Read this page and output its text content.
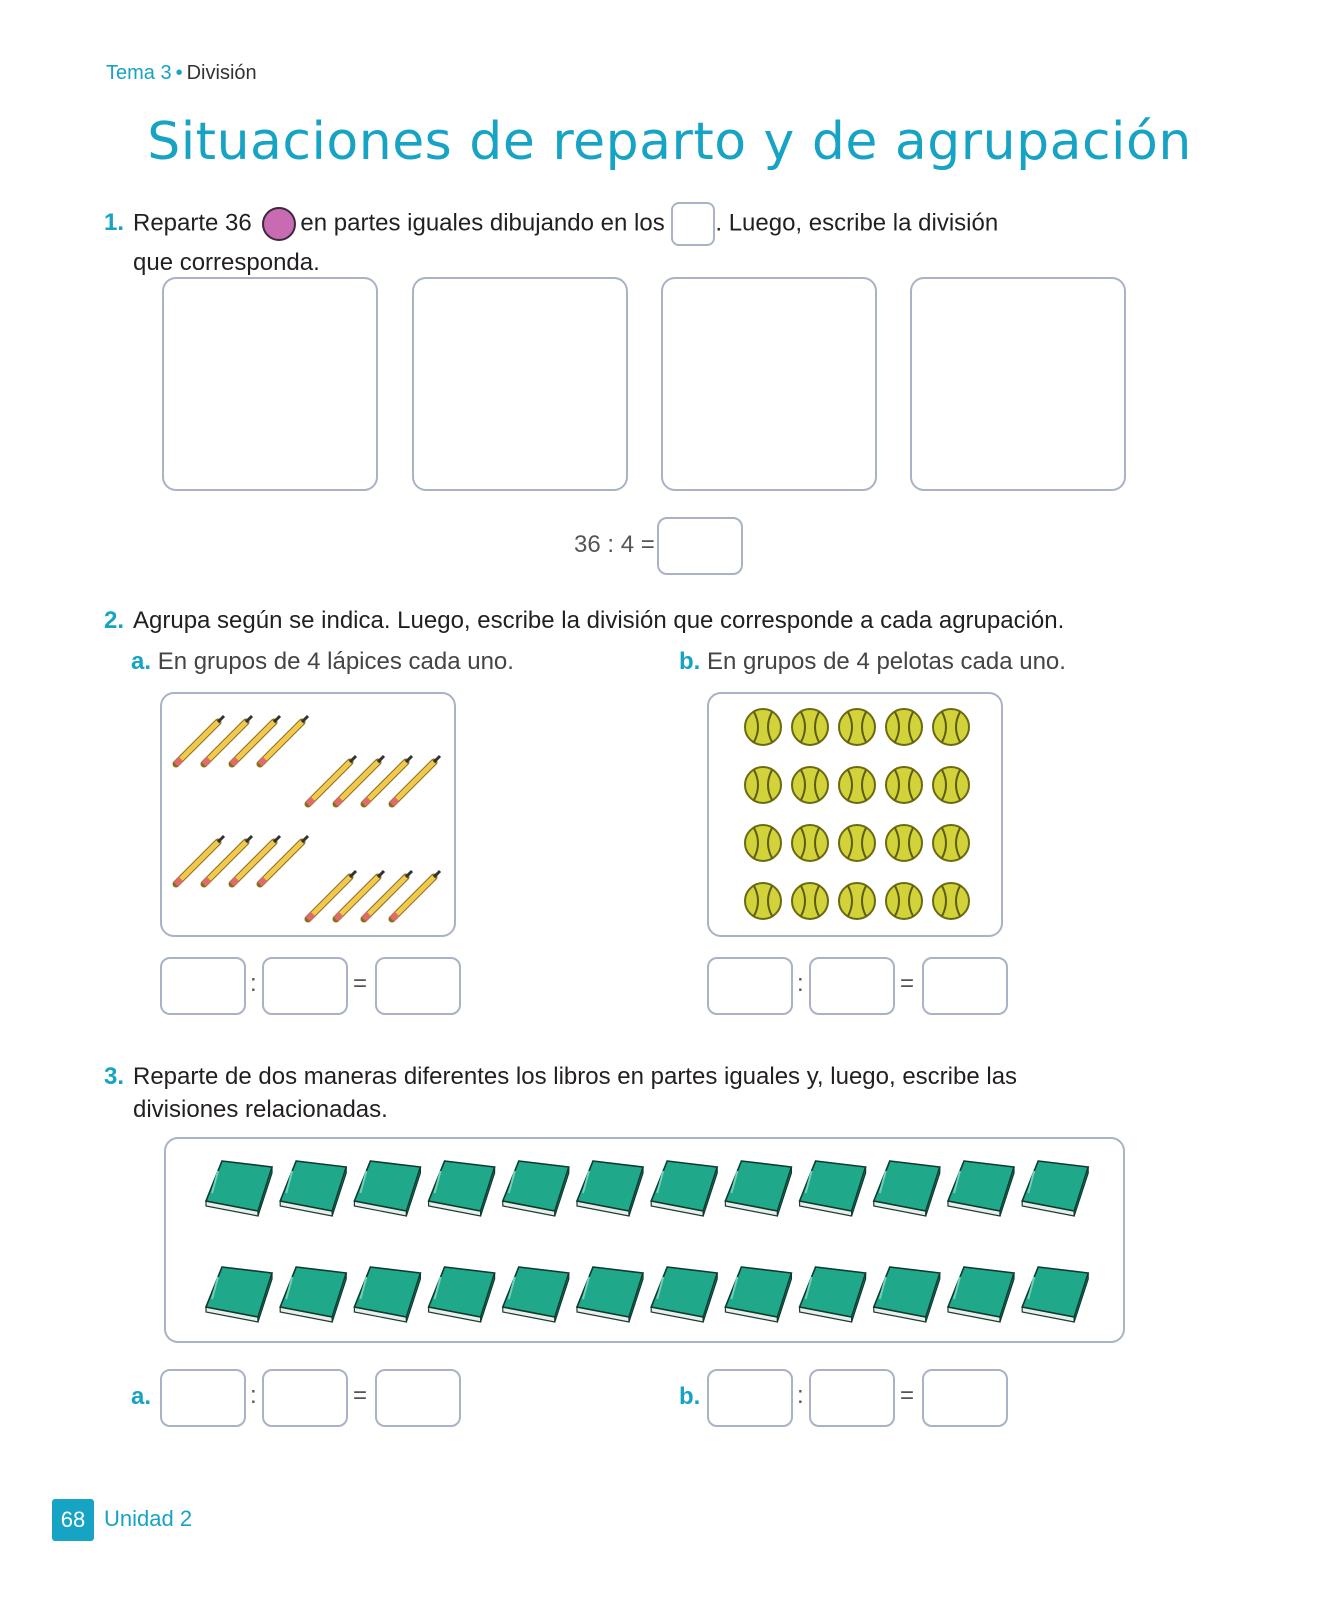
Tema 3 • División
Situaciones de reparto y de agrupación
1. Reparte 36 en partes iguales dibujando en los . Luego, escribe la división
que corresponda.
36 : 4 =
2. Agrupa según se indica. Luego, escribe la división que corresponde a cada agrupación.
a. En grupos de 4 lápices cada uno.	b. En grupos de 4 pelotas cada uno.
:	=	:	=
3. Reparte de dos maneras diferentes los libros en partes iguales y, luego, escribe las
divisiones relacionadas.
a.	:	=	b.	:	=
68 Unidad 2
